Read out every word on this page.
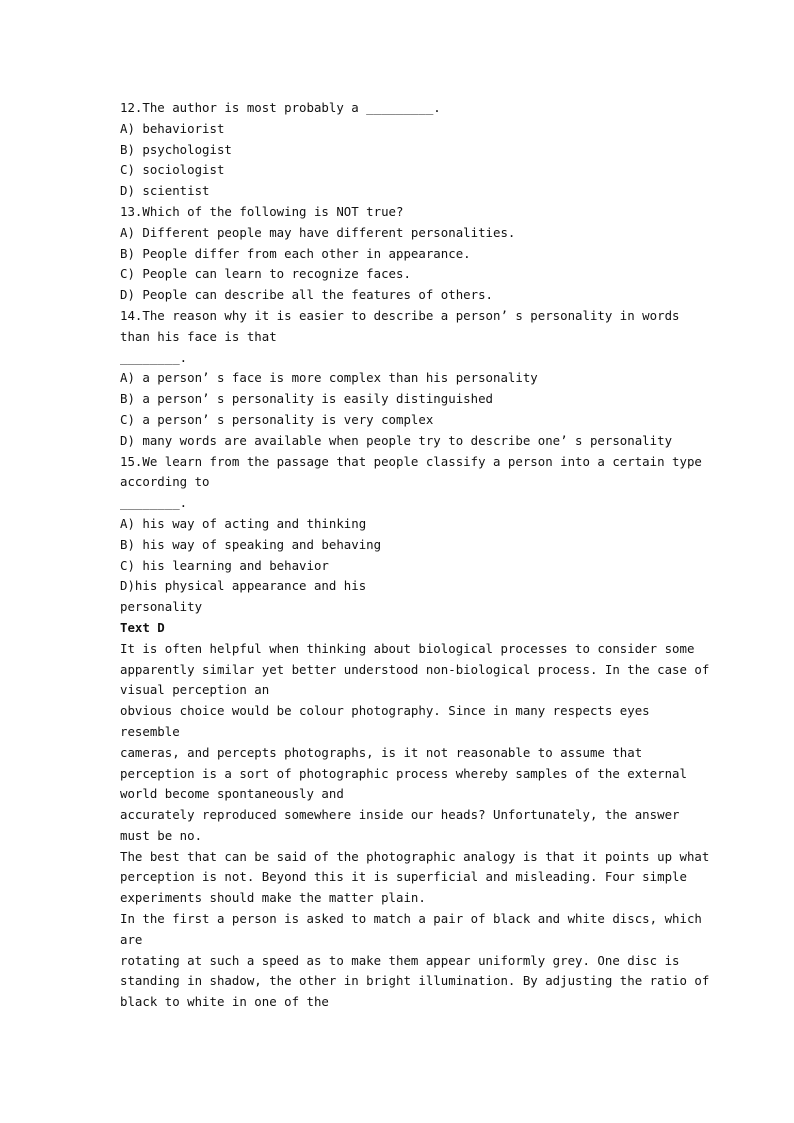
12.The author is most probably a _________.
A) behaviorist
B) psychologist
C) sociologist
D) scientist
13.Which of the following is NOT true?
A) Different people may have different personalities.
B) People differ from each other in appearance.
C) People can learn to recognize faces.
D) People can describe all the features of others.
14.The reason why it is easier to describe a person’ s personality in words
than his face is that
________.
A) a person’ s face is more complex than his personality
B) a person’ s personality is easily distinguished
C) a person’ s personality is very complex
D) many words are available when people try to describe one’ s personality
15.We learn from the passage that people classify a person into a certain type
according to
________.
A) his way of acting and thinking
B) his way of speaking and behaving
C) his learning and behavior
D)his physical appearance and his
personality
Text D
It is often helpful when thinking about biological processes to consider some
apparently similar yet better understood non-biological process. In the case of
visual perception an
obvious choice would be colour photography. Since in many respects eyes
resemble
cameras, and percepts photographs, is it not reasonable to assume that
perception is a sort of photographic process whereby samples of the external
world become spontaneously and
accurately reproduced somewhere inside our heads? Unfortunately, the answer
must be no.
The best that can be said of the photographic analogy is that it points up what
perception is not. Beyond this it is superficial and misleading. Four simple
experiments should make the matter plain.
In the first a person is asked to match a pair of black and white discs, which
are
rotating at such a speed as to make them appear uniformly grey. One disc is
standing in shadow, the other in bright illumination. By adjusting the ratio of
black to white in one of the
